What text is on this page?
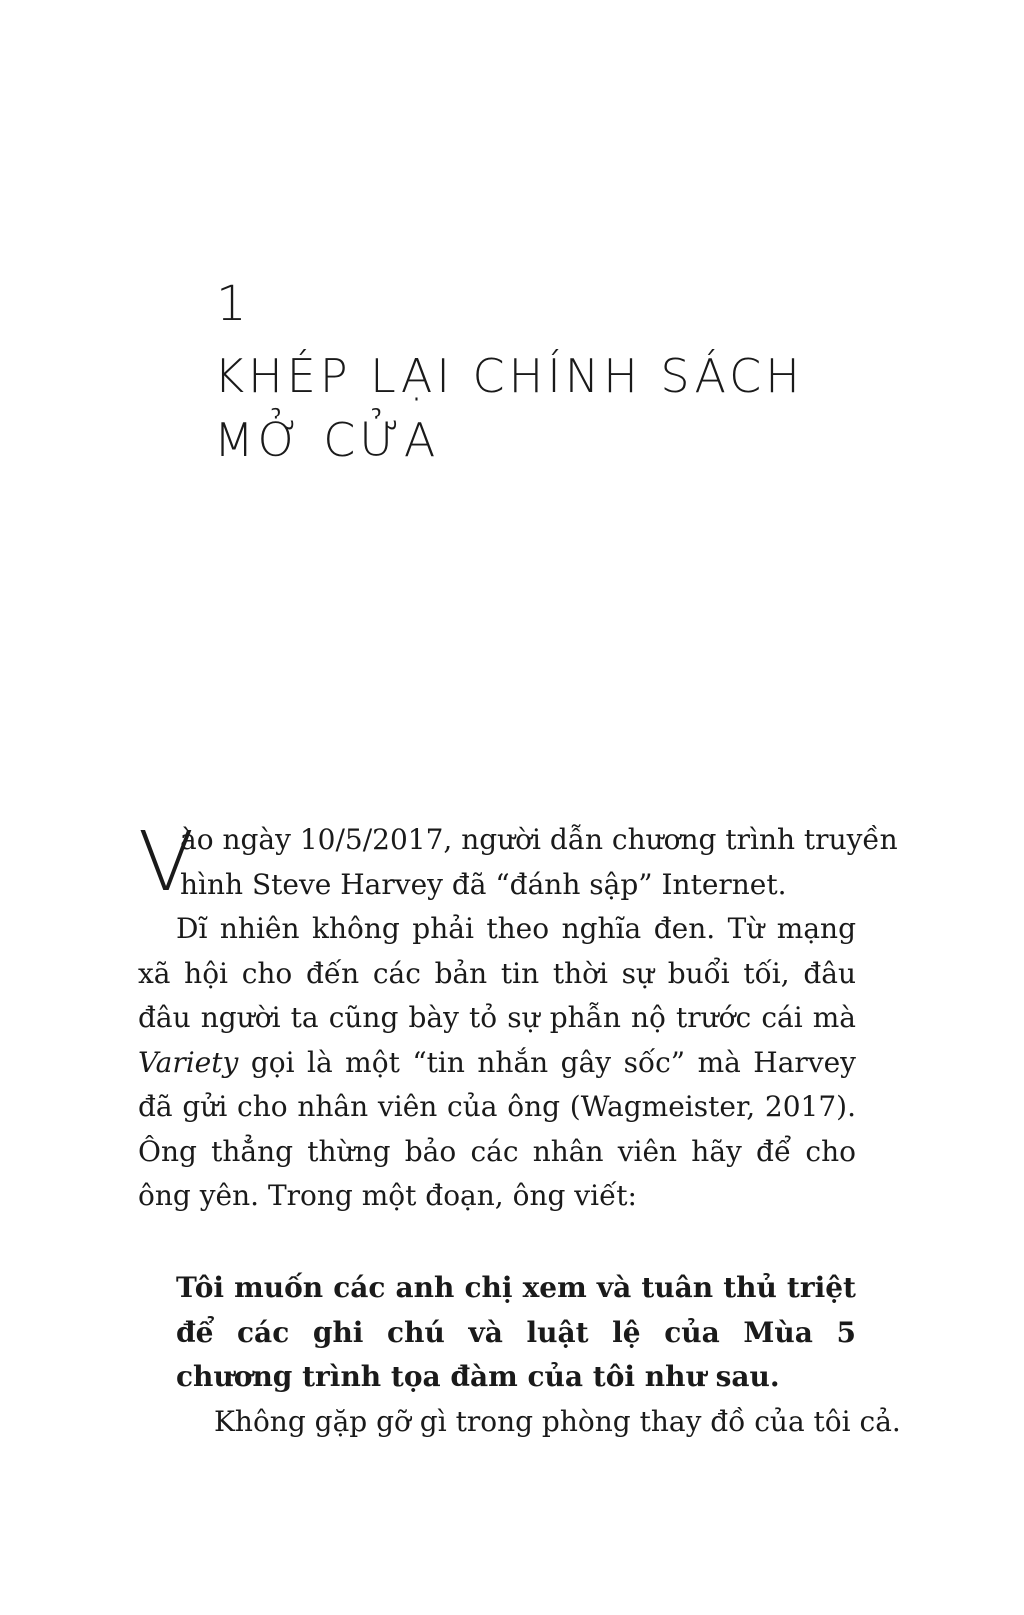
1
KHÉP LẠI CHÍNH SÁCH
MỞ CỬA
V
ào ngày 10/5/2017, người dẫn chương trình truyền
hình Steve Harvey đã “đánh sập” Internet.

Dĩ nhiên không phải theo nghĩa đen. Từ mạng xã hội cho đến các bản tin thời sự buổi tối, đâu đâu người ta cũng bày tỏ sự phẫn nộ trước cái mà Variety gọi là một “tin nhắn gây sốc” mà Harvey đã gửi cho nhân viên của ông (Wagmeister, 2017). Ông thẳng thừng bảo các nhân viên hãy để cho ông yên. Trong một đoạn, ông viết:

Tôi muốn các anh chị xem và tuân thủ triệt để các ghi chú và luật lệ của Mùa 5 chương trình tọa đàm của tôi như sau.

Không gặp gỡ gì trong phòng thay đồ của tôi cả.
